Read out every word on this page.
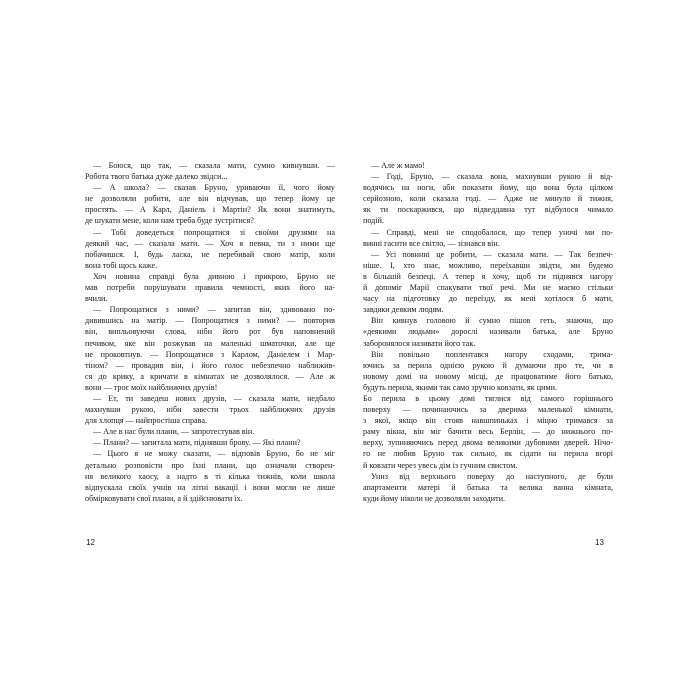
— Боюся, що так, — сказала мати, сумно кивнувши. —
Робота твого батька дуже далеко звідси...
— А школа? — сказав Бруно, уриваючи її, чого йому
не дозволяли робити, але він відчував, що тепер йому це
простять. — А Карл, Даніель і Мартін? Як вони знатимуть,
де шукати мене, коли нам треба буде зустрітися?
— Тобі доведеться попрощатися зі своїми друзями на
деякий час, — сказала мати. — Хоч я певна, ти з ними ще
побачишся. І, будь ласка, не перебивай свою матір, коли
вона тобі щось каже.
Хоч новина справді була дивною і прикрою, Бруно не
мав потреби порушувати правила чемності, яких його на-
вчили.
— Попрощатися з ними? — запитав він, здивовано по-
дивившись на матір. — Попрощатися з ними? — повторив
він, випльовуючи слова, ніби його рот був наповнений
печивом, яке він розжував на маленькі шматочки, але ще
не проковтнув. — Попрощатися з Карлом, Даніелем і Мар-
тіном? — провадив він, і його голос небезпечно наближив-
ся до крику, а кричати в кімнатах не дозволялося. — Але ж
вони — троє моїх найближчих друзів!
— Ет, ти заведеш нових друзів, — сказала мати, недбало
махнувши рукою, ніби завести трьох найближчих друзів
для хлопця — найпростіша справа.
— Але в нас були плани, — запротестував він.
— Плани? — запитала мати, піднявши брову. — Які плани?
— Цього я не можу сказати, — відповів Бруно, бо не міг
детально розповісти про їхні плани, що означали створен-
ня великого хаосу, а надто в ті кілька тижнів, коли школа
відпускала своїх учнів на літні вакації і вони могли не лише
обмірковувати свої плани, а й здійснювати їх.
— Але ж мамо!
— Годі, Бруно, — сказала вона, махнувши рукою й від-
водячись на ноги, аби показати йому, що вона була цілком
серйозною, коли сказала годі. — Адже не минуло й тижня,
як ти поскаржився, що відведдавна тут відбулося чимало
подій.
— Справді, мені не сподобалося, що тепер уночі ми по-
винні гасити все світло, — зізнався він.
— Усі повинні це робити, — сказала мати. — Так безпеч-
ніше. І, хто знає, можливо, переїхавши звідти, ми будемо
в більшій безпеці. А тепер я хочу, щоб ти піднявся нагору
й допоміг Марії спакувати твої речі. Ми не маємо стільки
часу на підготовку до переїзду, як мені хотілося б мати,
завдяки деяким людям.
Він кивнув головою й сумно пішов геть, знаючи, що
«деякими людьми» дорослі називали батька, але Бруно
заборонялося називати його так.
Він повільно поплентався нагору сходами, тримa-
ючись за перила однією рукою й думаючи про те, чи в
новому домі на новому місці, де працюватиме його батько,
будуть перила, якими так само зручно ковзати, як цими.
Бо перила в цьому домі тяглися від самого горішнього
поверху — починаючись за дверима маленької кімнати,
з якої, якщо він стояв навшпиньках і міцно тримався за
раму вікна, він міг бачити весь Берлін, — до нижнього по-
верху, зупиняючись перед двома великими дубовими дверей. Нічо-
го не любив Бруно так сильно, як сідати на перила вгорі
й ковзати через увесь дім із гучним свистом.
Униз від верхнього поверху до наступного, де були
апартаменти матері й батька та велика ванна кімната,
куди йому ніколи не дозволяли заходити.
12	13
